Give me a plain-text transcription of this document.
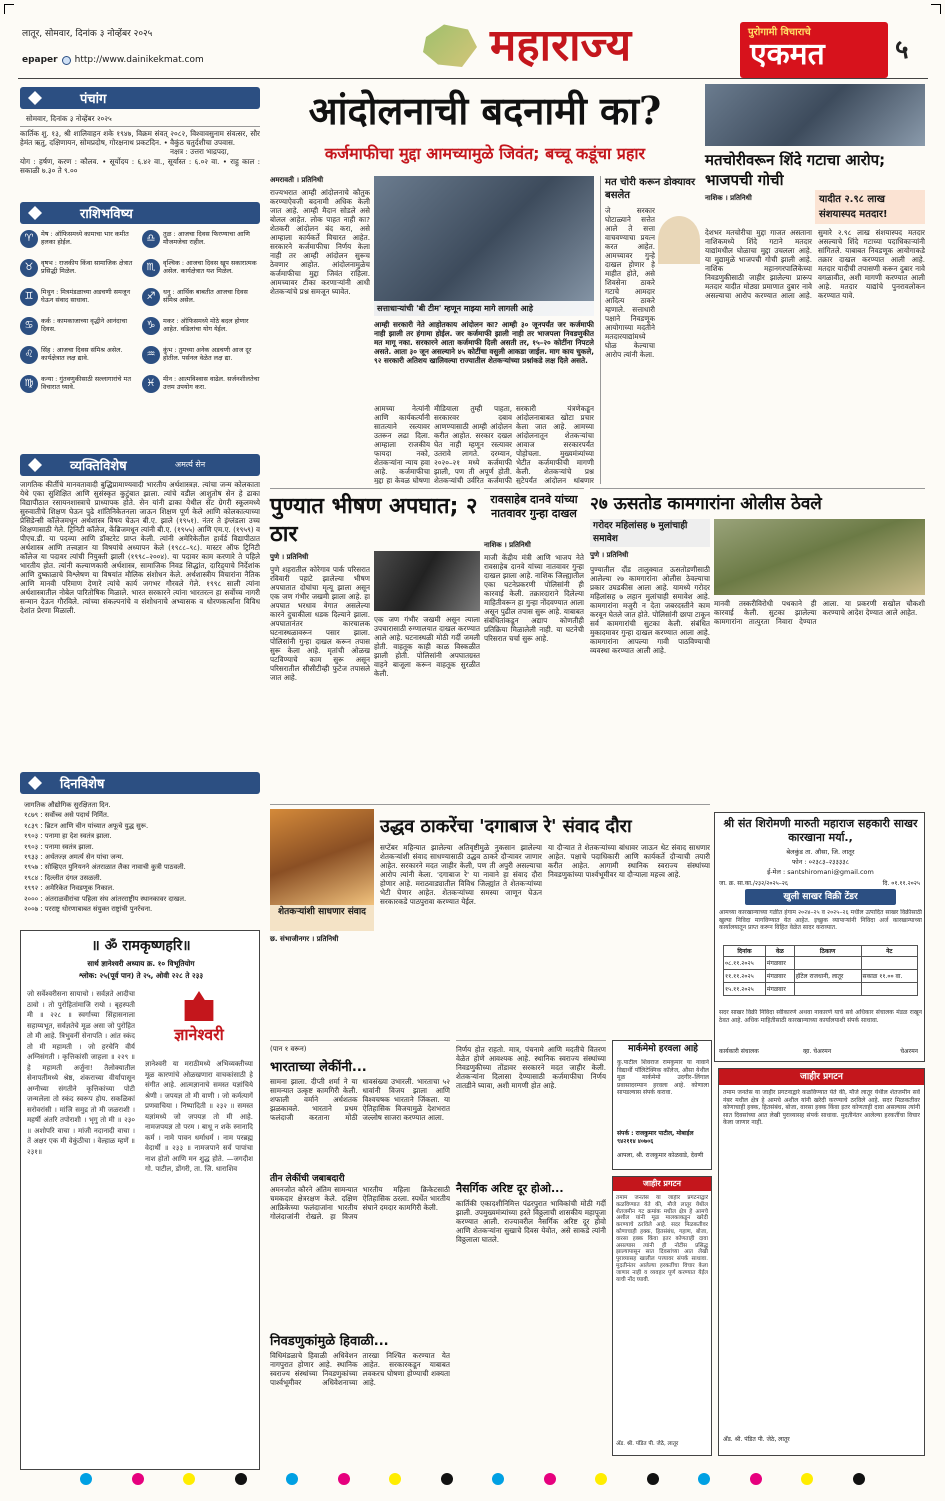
लातूर, सोमवार, दिनांक ३ नोव्हेंबर २०२५
epaper http://www.dainikekmat.com	महाराज्य	पुरोगामी विचाराचे
एकमत	५
पंचांग
सोमवार, दिनांक ३ नोव्हेंबर २०२५
कार्तिक शु. १३, श्री शालिवाहन शके १९४७, विक्रम संवत् २०८२, विश्वावसुनाम संवत्सर, सौर हेमंत ऋतु, दक्षिणायन, सोमप्रदोष, गोरक्षनाथ प्रकटदिन. • वैकुंठ चतुर्दशीचा उपवास.
नक्षत्र : उत्तरा भाद्रपदा,
योग : हर्षण, करण : कौलव. • सूर्योदय : ६.४२ वा., सूर्यास्त : ६.०२ वा. • राहु काल : सकाळी ७.३० ते ९.००
राशिभविष्य
♈	मेष : ऑफिसमध्ये कामाचा भार कमीत हलका होईल.
♉	वृषभ : राजकीय किंवा सामाजिक क्षेत्रात प्रसिद्धी मिळेल.
♊	मिथुन : मित्रमंडळाच्या अडचणी समजून घेऊन संवाद साधावा.
♋	कर्क : कामकाजाच्या वृद्धीने आनंदाचा दिवस.
♌	सिंह : आजचा दिवस संमिश्र असेल. कार्यक्षेत्रात लक्ष द्यावे.
♍	कन्या : गुंतवणुकीसाठी सल्लागारांचे मत विचारात घ्यावे.
♎	तुळ : आजचा दिवस फिरण्याचा आणि मौजमजेचा राहील.
♏	वृश्चिक : आजचा दिवस खूप सकारात्मक असेल. कार्यक्षेत्रात यश मिळेल.
♐	धनु : आर्थिक बाबतीत आजचा दिवस संमिश्र असेल.
♑	मकर : ऑफिसमध्ये मोठे बदल होणार आहेत. वडिलांचा योग येईल.
♒	कुंभ : तुमच्या अनेक अडचणी आज दूर होतील. पर्सनल वेळेत लक्ष द्या.
♓	मीन : आत्मविश्वास वाढेल. सर्जनशीलतेचा उत्तम उपयोग करा.
व्यक्तिविशेष	अमर्त्य सेन
जागतिक कीर्तीचे मानवतावादी बुद्धिप्रामाण्यवादी भारतीय अर्थशास्त्रज्ञ. त्यांचा जन्म कोलकाता येथे एका सुशिक्षित आणि सुसंस्कृत कुटुंबात झाला. त्यांचे वडील आशुतोष सेन हे ढाका विद्यापीठात रसायनशास्त्राचे प्राध्यापक होते. सेन यांनी ढाका येथील सेंट ग्रेगरी स्कूलमध्ये सुरुवातीचे शिक्षण घेऊन पुढे शांतिनिकेतनला जाऊन शिक्षण पूर्ण केले आणि कोलकात्याच्या प्रेसिडेन्सी कॉलेजमधून अर्थशास्त्र विषय घेऊन बी.ए. झाले (१९५१). नंतर ते इंग्लंडला उच्च शिक्षणासाठी गेले. ट्रिनिटी कॉलेज, केंब्रिजमधून त्यांनी बी.ए. (१९५५) आणि एम.ए. (१९५९) व पीएच.डी. या पदव्या आणि डॉक्टरेट प्राप्त केली. त्यांनी अमेरिकेतील हार्वर्ड विद्यापीठात अर्थशास्त्र आणि तत्त्वज्ञान या विषयांचे अध्यापन केले (१९८८–९८). मास्टर ऑफ ट्रिनिटी कॉलेज या पदावर त्यांची नियुक्ती झाली (१९९८–२००४). या पदावर काम करणारे ते पहिले भारतीय होत. त्यांनी कल्याणकारी अर्थशास्त्र, सामाजिक निवड सिद्धांत, दारिद्र्याचे निर्देशांक आणि दुष्काळाचे विश्लेषण या विषयांत मौलिक संशोधन केले. अर्थशास्त्रीय विचारांना नैतिक आणि मानवी परिमाण देणारे त्यांचे कार्य जगभर गौरवले गेले. १९९८ साली त्यांना अर्थशास्त्रातील नोबेल पारितोषिक मिळाले. भारत सरकारने त्यांना भारतरत्न हा सर्वोच्च नागरी सन्मान देऊन गौरविले. त्यांच्या संकल्पनांचे व संशोधनाचे अभ्यासक व धोरणकर्त्यांना विविध देशांत प्रेरणा मिळाली.
दिनविशेष
जागतिक औद्योगिक सुरक्षितता दिन.
१८७९ : सर्वोच्च असे पदार्थ निर्मित.
१८३९ : ब्रिटन आणि चीन यांच्यात अफूचे युद्ध सुरू.
१९०३ : पनामा हा देश स्वतंत्र झाला.
१९०३ : पनामा स्वतंत्र झाला.
१९३३ : अर्थतज्ज्ञ अमर्त्य सेन यांचा जन्म.
१९५७ : सोव्हिएत युनियनने अंतराळात लैका नावाची कुत्री पाठवली.
१९८४ : दिल्लीत दंगल उसळली.
१९९२ : अमेरिकेत निवडणूक निकाल.
२००० : अंतराळवीरांचा पहिला संघ आंतरराष्ट्रीय स्थानकावर दाखल.
२००७ : परराष्ट्र धोरणाबाबत संयुक्त राष्ट्रांची पुनर्रचना.
॥ ॐ रामकृष्णहरि॥
सार्थ ज्ञानेश्वरी अध्याय क्र. १० विभूतियोग
श्लोक: २५(पूर्व पान) ते २५, ओवी २२८ ते २३३
जो सर्वेश्वरीसना सायाचो । सर्वज्ञते आदीचा ठावो । तो पुरोहितांमाजि रायो । बृहस्पती मी ॥ २२८ ॥ स्वर्गाच्या सिंहासनाला सहाय्यभूत, सर्वज्ञतेचे मूळ असा जो पुरोहित तो मी आहे. त्रिभुवनीं सेनापति । आंत स्कंद तो मी महामती । जो हरचेनि वीर्य अग्निसंगती । कृत्तिकांसी जाहला ॥ २२९ ॥ हे महामती अर्जुना! तैलोक्यातील सेनापतींमध्ये श्रेष्ठ, शंकराच्या वीर्यापासून अग्नीच्या संगतीने कृत्तिकांच्या पोटी जन्मलेला तो स्कंद स्वरूप होय. सकळिकां सरोवरांसी । मांजि समुद्र तो मी जळराशी । महर्षी अंतरि तपोराशी । भृगु तो मी ॥ २३० ॥ अशोपरि वाचा । मांजी नदानादी वाचा । तें अक्षर एक मी वेकुंठीचा । वेल्हाळ म्हणें ॥२३१॥
ज्ञानेश्वरी
ज्ञानेश्वरी या मराठीमध्ये अभिव्यक्तीच्या मूळ कारणांचे ओळखणारा वाचकांसाठी हे संगीत आहे. आत्मज्ञानाचे समस्त यज्ञांचिये श्रेणी । जपयज्ञ तो मी वाणी । जो कर्मत्यागें प्रणवाचिया । निष्पादिती ॥ २३२ ॥ समस्त यज्ञांमध्ये जो जपयज्ञ तो मी आहे. नामजपयज्ञ तो परम । बाधू न शके स्नानादि कर्म । नामे पावन धर्माधर्म । नाम परब्रह्म वेदार्थी ॥ २३३ ॥ नामजपाने सर्व पापांचा नाश होतो आणि मन शुद्ध होते. —जगदीश गो. पाटील, डोंगरी, ता. जि. धाराशिव
आंदोलनाची बदनामी का?
कर्जमाफीचा मुद्दा आमच्यामुळे जिवंत; बच्चू कडूंचा प्रहार
अमरावती । प्रतिनिधी
राज्यभरात आम्ही आंदोलनाचे कौतुक करण्याऐवजी बदनामी अधिक केली जात आहे. आम्ही मैदान सोडले असे बोलल आहेत. लोक पाहत नाही का? शेतकरी आंदोलन बंद करा, असे आम्हाला कार्यकर्ते विचारत आहेत. सरकारने कर्जमाफीचा निर्णय केला नाही तर आम्ही आंदोलन सुरूच ठेवणार आहोत. आंदोलनामुळेच कर्जमाफीचा मुद्दा जिवंत राहिला. आमच्यावर टीका करणाऱ्यांनी आधी शेतकऱ्यांचे प्रश्न समजून घ्यावेत.
सत्ताधाऱ्यांची 'बी टीम' म्हणून माझ्या मागे लागली आहे
आम्ही सरकारी नेते आहोतकाय आंदोलन का? आम्ही ३० जूनपर्यंत जर कर्जमाफी नाही झाली तर हंगामा होईल. जर कर्जमाफी झाली नाही तर भाजपला निवडणुकीत मत मागू नका. सरकारने आता कर्जमाफी दिली असती तर, १५–२० कोटींना निपटले असते. आता ३० जून असल्याने ४५ कोटींचा वसुली आकडा जाईल. माग काय चुकले, ९२ सरकारी अतिशय खालिवल्या राज्यातील शेतकऱ्यांच्या प्रश्नांकडे लक्ष दिले असते.
आमच्या नेत्यांनी आणि कार्यकर्त्यांनी सातत्याने रस्त्यावर उतरून लढा दिला. आम्हाला राजकीय फायदा नको, शेतकऱ्यांना न्याय हवा आहे. कर्जमाफीचा मुद्दा हा केवळ घोषणा
मीडियाला तुम्ही पाहता, सरकारवर दबाव आणण्यासाठी आम्ही आंदोलन करीत आहोत. सरकार दखल घेत नाही म्हणून रस्त्यावर उतरावे लागते. दरम्यान, २०२०–२१ मध्ये कर्जमाफी झाली, पण ती अपूर्ण होती. शेतकऱ्यांची उर्वरित कर्जमाफी
सरकारी यंत्रणेकडून आंदोलनाबाबत खोटा प्रचार केला जात आहे. आमच्या आंदोलनातून शेतकऱ्यांचा आवाज सरकारपर्यंत पोहोचला. मुख्यमंत्र्यांच्या भेटीत कर्जमाफीची मागणी केली. शेतकऱ्यांचे प्रश्न सुटेपर्यंत आंदोलन थांबणार
मत चोरी करून डोक्यावर बसलेत
जे सरकार घोटाळ्याने सत्तेत आले ते सत्ता वाचवण्याचा प्रयत्न करत आहेत. आमच्यावर गुन्हे दाखल होणार हे माहीत होते, असे शिवसेना ठाकरे गटाचे आमदार आदित्य ठाकरे म्हणाले. सत्ताधारी पक्षाने निवडणूक आयोगाच्या मदतीने मतदारयाद्यांमध्ये घोळ केल्याचा आरोप त्यांनी केला.
मतचोरीवरून शिंदे गटाचा आरोप; भाजपची गोची
नाशिक । प्रतिनिधी	यादीत २.९८ लाख संशयास्पद मतदार!
देशभर मतचोरीचा मुद्दा गाजत असताना नाशिकमध्ये शिंदे गटाने मतदार याद्यांमधील घोळाचा मुद्दा उचलला आहे. या मुद्यामुळे भाजपची गोची झाली आहे. नाशिक महानगरपालिकेच्या निवडणुकीसाठी जाहीर झालेल्या प्रारूप मतदार यादीत मोठ्या प्रमाणात दुबार नावे असल्याचा आरोप करण्यात आला आहे. सुमारे २.९८ लाख संशयास्पद मतदार असल्याचे शिंदे गटाच्या पदाधिकाऱ्यांनी सांगितले. याबाबत निवडणूक आयोगाकडे तक्रार दाखल करण्यात आली आहे. मतदार यादीची तपासणी करून दुबार नावे वगळावीत, अशी मागणी करण्यात आली आहे. मतदार याद्यांचे पुनरावलोकन करण्यात यावे.
पुण्यात भीषण अपघात; २ ठार
पुणे । प्रतिनिधी
पुणे शहरातील कोरेगाव पार्क परिसरात रविवारी पहाटे झालेल्या भीषण अपघातात दोघांचा मृत्यू झाला असून एक जण गंभीर जखमी झाला आहे. हा अपघात भरधाव वेगात असलेल्या कारने दुचाकीला धडक दिल्याने झाला. अपघातानंतर कारचालक घटनास्थळावरून पसार झाला. पोलिसांनी गुन्हा दाखल करून तपास सुरू केला आहे. मृतांची ओळख पटविण्याचे काम सुरू असून परिसरातील सीसीटीव्ही फुटेज तपासले जात आहे.
एक जण गंभीर जखमी असून त्याला उपचारासाठी रुग्णालयात दाखल करण्यात आले आहे. घटनास्थळी मोठी गर्दी जमली होती. वाहतूक काही काळ विस्कळीत झाली होती. पोलिसांनी अपघातग्रस्त वाहने बाजूला करून वाहतूक सुरळीत केली.
रावसाहेब दानवे यांच्या नातवावर गुन्हा दाखल
नाशिक । प्रतिनिधी
माजी केंद्रीय मंत्री आणि भाजप नेते रावसाहेब दानवे यांच्या नातवावर गुन्हा दाखल झाला आहे. नाशिक जिल्ह्यातील एका घटनेप्रकरणी पोलिसांनी ही कारवाई केली. तक्रारदाराने दिलेल्या माहितीवरून हा गुन्हा नोंदवण्यात आला असून पुढील तपास सुरू आहे. याबाबत संबंधितांकडून अद्याप कोणतीही प्रतिक्रिया मिळालेली नाही. या घटनेची परिसरात चर्चा सुरू आहे.
२७ ऊसतोड कामगारांना ओलीस ठेवले
गरोदर महिलांसह ७ मुलांचाही समावेश
पुणे । प्रतिनिधी
पुण्यातील दौंड तालुक्यात ऊसतोडणीसाठी आलेल्या २७ कामगारांना ओलीस ठेवल्याचा प्रकार उघडकीस आला आहे. यामध्ये गरोदर महिलांसह ७ लहान मुलांचाही समावेश आहे. कामगारांना मजुरी न देता जबरदस्तीने काम करवून घेतले जात होते. पोलिसांनी छापा टाकून सर्व कामगारांची सुटका केली. संबंधित मुकादमावर गुन्हा दाखल करण्यात आला आहे. कामगारांना आपल्या गावी पाठविण्याची व्यवस्था करण्यात आली आहे.
मानवी तस्करीविरोधी पथकाने ही कारवाई केली. सुटका झालेल्या कामगारांना तात्पुरता निवारा देण्यात आला. या प्रकरणी सखोल चौकशी करण्याचे आदेश देण्यात आले आहेत.
उद्धव ठाकरेंचा 'दगाबाज रे' संवाद दौरा
शेतकऱ्यांशी साधणार संवाद
छ. संभाजीनगर । प्रतिनिधी
सप्टेंबर महिन्यात झालेल्या अतिवृष्टीमुळे नुकसान झालेल्या शेतकऱ्यांशी संवाद साधण्यासाठी उद्धव ठाकरे दौऱ्यावर जाणार आहेत. सरकारने मदत जाहीर केली, पण ती अपुरी असल्याचा आरोप त्यांनी केला. 'दगाबाज रे' या नावाने हा संवाद दौरा होणार आहे. मराठवाड्यातील विविध जिल्ह्यांत ते शेतकऱ्यांच्या भेटी घेणार आहेत. शेतकऱ्यांच्या समस्या जाणून घेऊन सरकारकडे पाठपुरावा करण्यात येईल.
या दौऱ्यात ते शेतकऱ्यांच्या बांधावर जाऊन थेट संवाद साधणार आहेत. पक्षाचे पदाधिकारी आणि कार्यकर्ते दौऱ्याची तयारी करीत आहेत. आगामी स्थानिक स्वराज्य संस्थांच्या निवडणुकांच्या पार्श्वभूमीवर या दौऱ्याला महत्त्व आहे.
श्री संत शिरोमणी मारुती महाराज सहकारी साखर कारखाना मर्या.,
बेलकुंड ता. औसा, जि. लातूर
फोन : ०२३८३–२३३३३८
ई-मेल : santshiromani@gmail.com
जा. क्र. सा.का./२३२/२०२५–२६	दि. ०१.११.२०२५
खुली साखर विक्री टेंडर
आमच्या कारखान्याच्या गळीत हंगाम २०२४–२५ व २०२५–२६ मधील उत्पादित साखर विक्रीसाठी खुल्या निविदा मागविण्यात येत आहेत. इच्छुक व्यापाऱ्यांनी निविदा अर्ज कारखान्याच्या कार्यालयातून प्राप्त करून विहित वेळेत सादर कराव्यात.
दिनांक	वेळ	ठिकाण	नेट
०८.११.२०२५	मंगळवार		
११.११.२०२५	मंगळवार	हॉटेल राजधानी, लातूर	सकाळ ११.०० वा.
१५.११.२०२५	मंगळवार		
सदर साखर विक्री निविदा स्वीकारणे अथवा नाकारणे याचे सर्व अधिकार संचालक मंडळ राखून ठेवत आहे. अधिक माहितीसाठी कारखान्याच्या कार्यालयाशी संपर्क साधावा.
कार्यकारी संचालक	व्हा. चेअरमन	चेअरमन
(पान १ वरून)
भारताच्या लेकींनी...
सामना झाला. दीप्ती शर्मा ने या सामन्यात उत्कृष्ट कामगिरी केली. शफाली वर्माने अर्धशतक झळकावले. भारताने प्रथम फलंदाजी करताना मोठी धावसंख्या उभारली. भारताचा ५२ धावांनी विजय झाला आणि विश्वचषक भारताने जिंकला. या ऐतिहासिक विजयामुळे देशभरात जल्लोष साजरा करण्यात आला.
तीन लेकींची जबाबदारी
अमनजोत कौरने अंतिम सामन्यात चमकदार क्षेत्ररक्षण केले. दक्षिण आफ्रिकेच्या फलंदाजांना भारतीय गोलंदाजांनी रोखले. हा विजय भारतीय महिला क्रिकेटसाठी ऐतिहासिक ठरला. स्पर्धेत भारतीय संघाने दमदार कामगिरी केली.
निवडणुकांमुळे हिवाळी...
विधिमंडळाचे हिवाळी अधिवेशन नागपुरात होणार आहे. स्थानिक स्वराज्य संस्थांच्या निवडणुकांच्या पार्श्वभूमीवर अधिवेशनाच्या तारखा निश्चित करण्यात येत आहेत. सरकारकडून याबाबत लवकरच घोषणा होण्याची शक्यता आहे.
निर्णय होत राहतो. मात्र, पंचनामे आणि मदतीचे वितरण वेळेत होणे आवश्यक आहे. स्थानिक स्वराज्य संस्थांच्या निवडणुकीच्या तोंडावर सरकारने मदत जाहीर केली. शेतकऱ्यांना दिलासा देण्यासाठी कर्जमाफीचा निर्णय तातडीने घ्यावा, अशी मागणी होत आहे.
नैसर्गिक अरिष्ट दूर होओ...
कार्तिकी एकादशीनिमित्त पंढरपुरात भाविकांची मोठी गर्दी झाली. उपमुख्यमंत्र्यांच्या हस्ते विठ्ठलाची शासकीय महापूजा करण्यात आली. राज्यावरील नैसर्गिक अरिष्ट दूर होवो आणि शेतकऱ्यांना सुखाचे दिवस येवोत, असे साकडे त्यांनी विठ्ठलाला घातले.
मार्कमेमो हरवला आहे
कु.पाटील शिवराज रामकुमार या नावाने विद्यार्थी पॉलिटेक्निक कॉलेज, औसा येथील मूळ मार्कमेमो उदगीर–लिंगाल प्रवासादरम्यान हरवला आहे. कोणाला सापडल्यास संपर्क करावा.
संपर्क : राजकुमार पाटील, मोबाईल ९४२११४ ४०७०६
आपला, श्री. राजकुमार कोळवाडे, देवणी
जाहीर प्रगटन
तमाम जनतेस या जाहीर प्रगटनाद्वारे कळविण्यात येते की, मौजे लातूर येथील शेतजमीन गट क्रमांक मधील क्षेत्र हे आमचे अशील यांनी मूळ मालकाकडून खरेदी करण्याचे ठरविले आहे. सदर मिळकतीवर कोणाचाही हक्क, हितसंबंध, गहाण, बोजा, वारसा हक्क किंवा इतर कोणताही दावा असल्यास त्यांनी ही नोटीस प्रसिद्ध झाल्यापासून सात दिवसांच्या आत लेखी पुराव्यासह खालील पत्त्यावर संपर्क साधावा. मुदतीनंतर आलेल्या हरकतींचा विचार केला जाणार नाही व व्यवहार पूर्ण करण्यात येईल याची नोंद घ्यावी.
अ‍ॅड. श्री. पंडित पी. जेठे, लातूर
जाहीर प्रगटन
तमाम जनतेस या जाहीर प्रगटनाद्वारे कळविण्यात येते की, मौजे लातूर येथील शेतजमीन सर्वे नंबर मधील क्षेत्र हे आमचे अशील यांनी खरेदी करण्याचे ठरविले आहे. सदर मिळकतीवर कोणाचाही हक्क, हितसंबंध, बोजा, वारसा हक्क किंवा इतर कोणताही दावा असल्यास त्यांनी सात दिवसांच्या आत लेखी पुराव्यासह संपर्क साधावा. मुदतीनंतर आलेल्या हरकतींचा विचार केला जाणार नाही.
अ‍ॅड. श्री. पंडित पी. जेठे, लातूर
